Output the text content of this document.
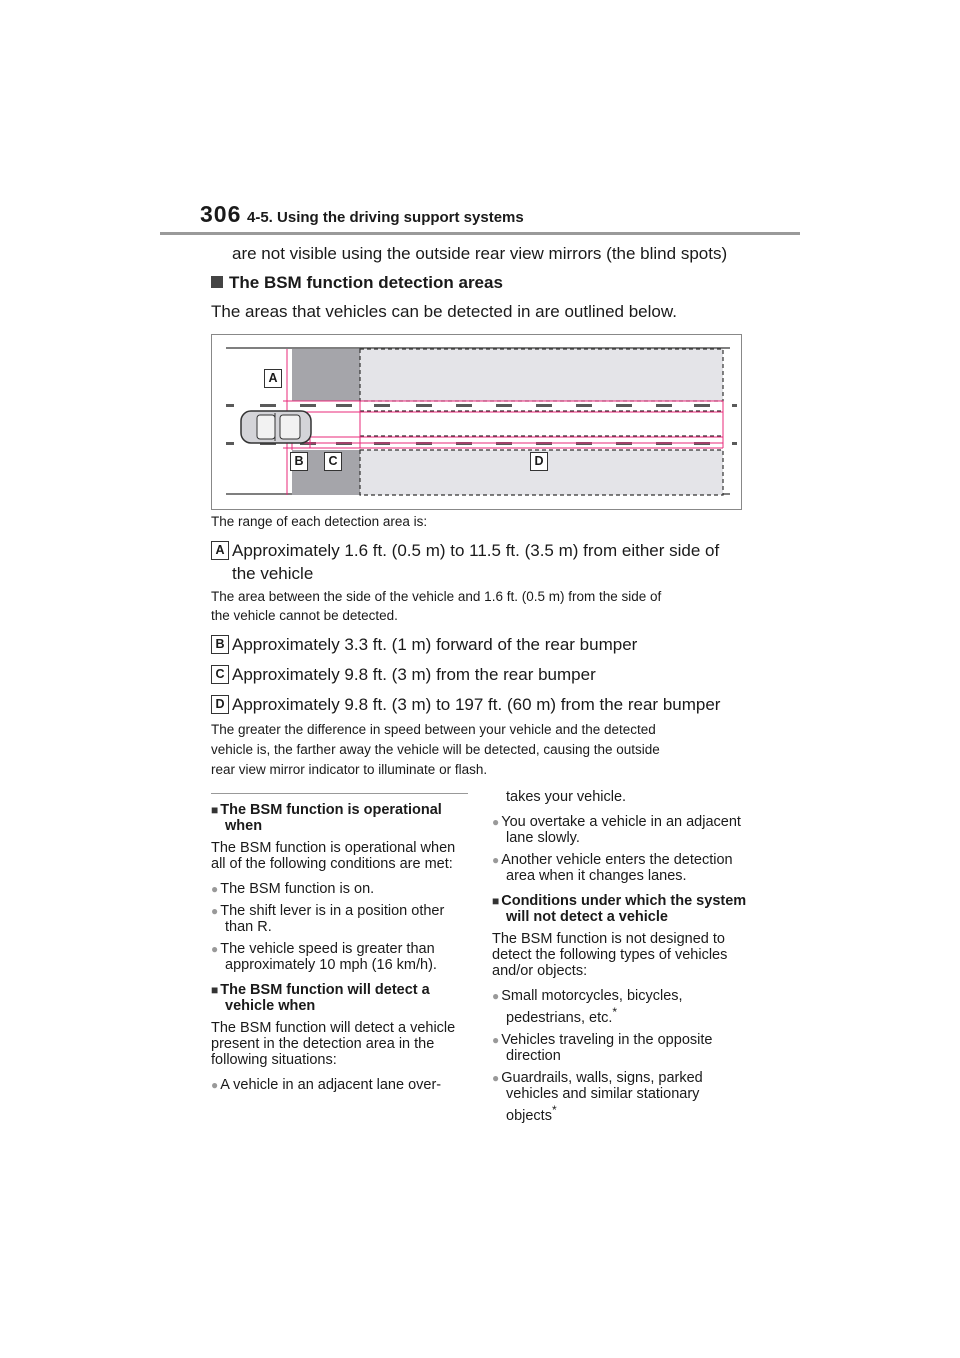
306 4-5. Using the driving support systems
are not visible using the outside rear view mirrors (the blind spots)
The BSM function detection areas
The areas that vehicles can be detected in are outlined below.
A
B	C	D
The range of each detection area is:
A Approximately 1.6 ft. (0.5 m) to 11.5 ft. (3.5 m) from either side of
the vehicle
The area between the side of the vehicle and 1.6 ft. (0.5 m) from the side of
the vehicle cannot be detected.
B Approximately 3.3 ft. (1 m) forward of the rear bumper
C Approximately 9.8 ft. (3 m) from the rear bumper
D Approximately 9.8 ft. (3 m) to 197 ft. (60 m) from the rear bumper
The greater the difference in speed between your vehicle and the detected
vehicle is, the farther away the vehicle will be detected, causing the outside
rear view mirror indicator to illuminate or flash.

■ The BSM function is operational when

The BSM function is operational when all of the following conditions are met:

● The BSM function is on.

● The shift lever is in a position other than R.

● The vehicle speed is greater than approximately 10 mph (16 km/h).

■ The BSM function will detect a vehicle when

The BSM function will detect a vehicle present in the detection area in the following situations:

● A vehicle in an adjacent lane over-

takes your vehicle.

● You overtake a vehicle in an adjacent lane slowly.

● Another vehicle enters the detection area when it changes lanes.

■ Conditions under which the system will not detect a vehicle

The BSM function is not designed to detect the following types of vehicles and/or objects:

● Small motorcycles, bicycles, pedestrians, etc.*

● Vehicles traveling in the opposite direction

● Guardrails, walls, signs, parked vehicles and similar stationary objects*
